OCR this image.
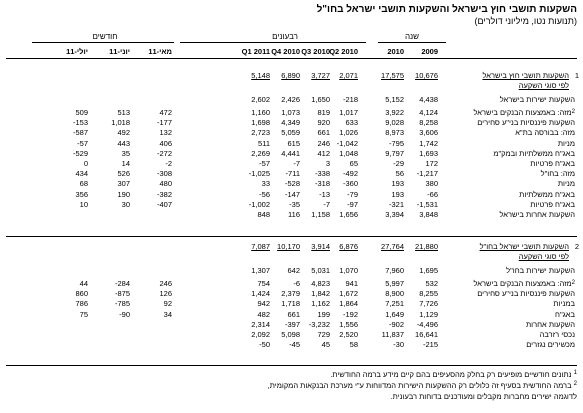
השקעות תושבי חוץ בישראל והשקעות תושבי ישראל בחו"ל
(תנועות נטו, מיליוני דולרים)
שנה
רבעונים
חודשים
2009
2010
Q2 2010
Q3 2010
Q4 2010
Q1 2011
מאי-11
יוני-11
יולי-11
1
השקעות תושבי חוץ בישראל
10,676
17,575
2,071
3,727
6,890
5,148
לפי סוגי השקעה
השקעות ישירות בישראל
4,438
5,152
-218
1,650
2,426
2,602
$^2$מזה: באמצעות הבנקים בישראל
4,124
3,922
1,017
819
1,073
1,160
472
513
509
השקעות פיננסיות בני"ע סחירים
8,258
9,028
633
920
4,349
1,698
-177
1,018
-153
מזה: בבורסה בת"א
3,606
8,973
1,026
661
5,059
2,723
132
492
-587
מניות
1,742
-795
-1,042
246
615
511
406
443
-57
באג"ח ממשלתיות ובמק"מ
1,693
9,797
1,048
412
4,441
2,269
-272
35
-529
באג"ח פרטיות
172
-29
65
3
-7
-57
-2
14
0
מזה: בחו"ל
-1,217
56
-492
-338
-711
-1,025
-308
526
434
מניות
380
193
-360
-318
-528
33
480
307
68
באג"ח ממשלתיות
-66
193
-79
-13
-147
-56
-382
190
356
באג"ח פרטיות
-1,531
-321
-97
-7
-35
-1,002
-407
30
10
השקעות אחרות בישראל
3,848
3,394
1,656
1,158
116
848
2
השקעות תושבי ישראל בחו"ל
21,880
27,764
6,876
3,914
10,170
7,087
לפי סוגי השקעה
השקעות ישירות בחו"ל
1,695
7,960
1,070
5,031
642
1,307
$^2$מזה: באמצעות הבנקים בישראל
532
5,997
941
4,823
-6
754
246
-284
44
השקעות פיננסיות בני"ע סחירים
8,255
8,900
1,672
1,842
2,379
1,424
126
-875
860
במניות
7,726
7,251
1,864
1,162
1,718
942
92
-785
786
באג"ח
1,129
1,649
-192
199
661
482
34
-90
75
השקעות אחרות
-4,496
-902
1,556
-3,232
-397
2,314
נכסי רזרבה
16,641
11,837
2,520
729
5,098
2,092
מכשירים נגזרים
-215
-30
58
45
-45
-50
$^1$ נתונים חודשיים מופיעים רק בחלק מהסעיפים בהם קיים מידע ברמה החודשית.
$^2$ ברמה החודשית בסעיף זה כלולים רק ההשקעות הישירות המדווחות ע"י מערכת הבנקאות המקומית,
לדוגמה ישירים מחברות מקבלים ומעודכנים בדוחות רבעונית.
